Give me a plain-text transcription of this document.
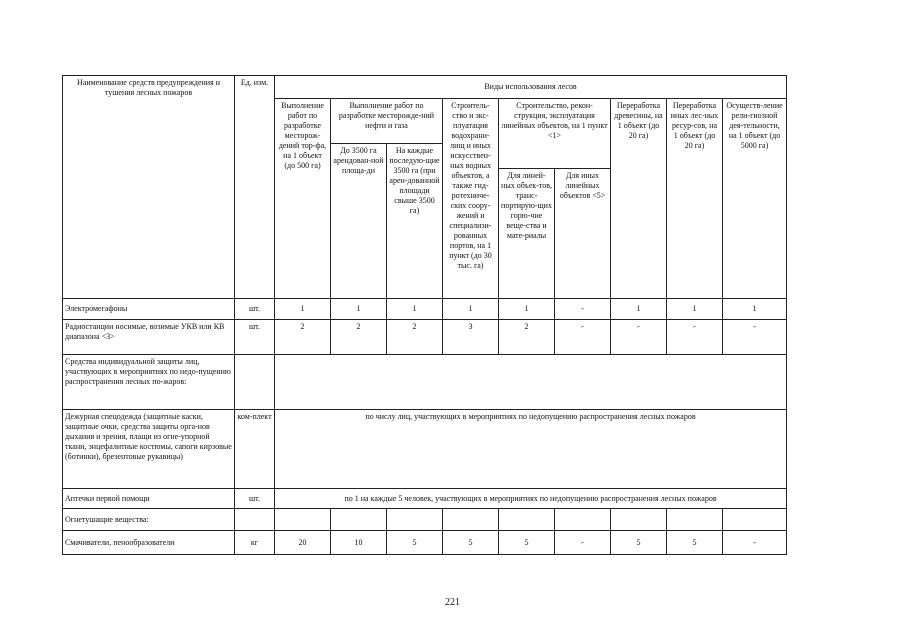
Наименование средств предупреждения и тушения лесных пожаров	Ед. изм.	Виды использования лесов								
		Выполнение работ по разработке месторож-дений тор-фа, на 1 объект (до 500 га)	Выполнение работ по разработке месторожде-ний нефти и газа		Строитель-ство и экс-плуатация водохрани-лищ и иных искусствен-ных водных объектов, а также гид-ротехниче-ских соору-жений и специализи-рованных портов, на 1 пункт (до 30 тыс. га)	Строительство, рекон-струкция, эксплуатация линейных объектов, на 1 пункт <1>		Переработка древесины, на 1 объект (до 20 га)	Переработка иных лес-ных ресур-сов, на 1 объект (до 20 га)	Осуществ-ление рели-гиозной дея-тельности, на 1 объект (до 5000 га)
			До 3500 га арендован-ной площа-ди	На каждые последую-щие 3500 га (при арен-дованной площади свыше 3500 га)						
						Для линей-ных объек-тов, транс-портирую-щих горю-чие веще-ства и мате-риалы	Для иных линейных объектов <5>			
Электромегафоны	шт.	1	1	1	1	1	-	1	1	1
Радиостанции носимые, возимые УКВ или КВ диапазона <3>	шт.	2	2	2	3	2	-	-	-	-
Средства индивидуальной защиты лиц, участвующих в мероприятиях по недо-пущению распространения лесных по-жаров:										
Дежурная спецодежда (защитные каски, защитные очки, средства защиты орга-нов дыхания и зрения, плащи из огне-упорной ткани, энцефалитные костюмы, сапоги кирзовые (ботинки), брезентовые рукавицы)	ком-плект	по числу лиц, участвующих в мероприятиях по недопущению распространения лесных пожаров								
Аптечки первой помощи	шт.	по 1 на каждые 5 человек, участвующих в мероприятиях по недопущению распространения лесных пожаров								
Огнетушащие вещества:										
Смачиватели, пенообразователи	кг	20	10	5	5	5	-	5	5	-
221
